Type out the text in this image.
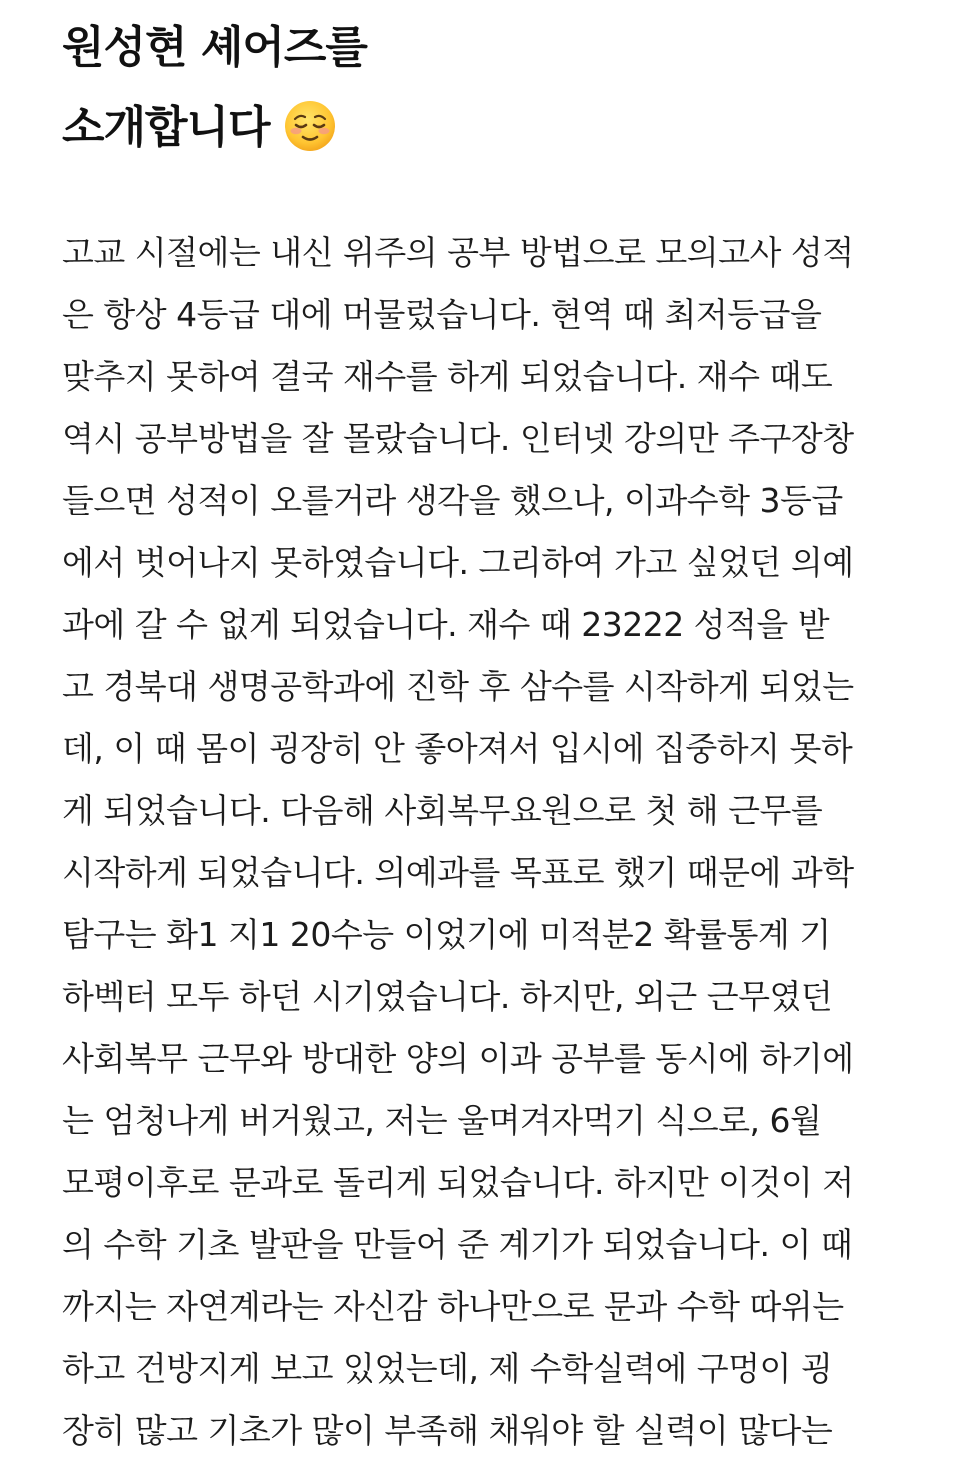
원성현 셰어즈를
소개합니다
고교 시절에는 내신 위주의 공부 방법으로 모의고사 성적
은 항상 4등급 대에 머물렀습니다. 현역 때 최저등급을
맞추지 못하여 결국 재수를 하게 되었습니다. 재수 때도
역시 공부방법을 잘 몰랐습니다. 인터넷 강의만 주구장창
들으면 성적이 오를거라 생각을 했으나, 이과수학 3등급
에서 벗어나지 못하였습니다. 그리하여 가고 싶었던 의예
과에 갈 수 없게 되었습니다. 재수 때 23222 성적을 받
고 경북대 생명공학과에 진학 후 삼수를 시작하게 되었는
데, 이 때 몸이 굉장히 안 좋아져서 입시에 집중하지 못하
게 되었습니다. 다음해 사회복무요원으로 첫 해 근무를
시작하게 되었습니다. 의예과를 목표로 했기 때문에 과학
탐구는 화1 지1 20수능 이었기에 미적분2 확률통계 기
하벡터 모두 하던 시기였습니다. 하지만, 외근 근무였던
사회복무 근무와 방대한 양의 이과 공부를 동시에 하기에
는 엄청나게 버거웠고, 저는 울며겨자먹기 식으로, 6월
모평이후로 문과로 돌리게 되었습니다. 하지만 이것이 저
의 수학 기초 발판을 만들어 준 계기가 되었습니다. 이 때
까지는 자연계라는 자신감 하나만으로 문과 수학 따위는
하고 건방지게 보고 있었는데, 제 수학실력에 구멍이 굉
장히 많고 기초가 많이 부족해 채워야 할 실력이 많다는
